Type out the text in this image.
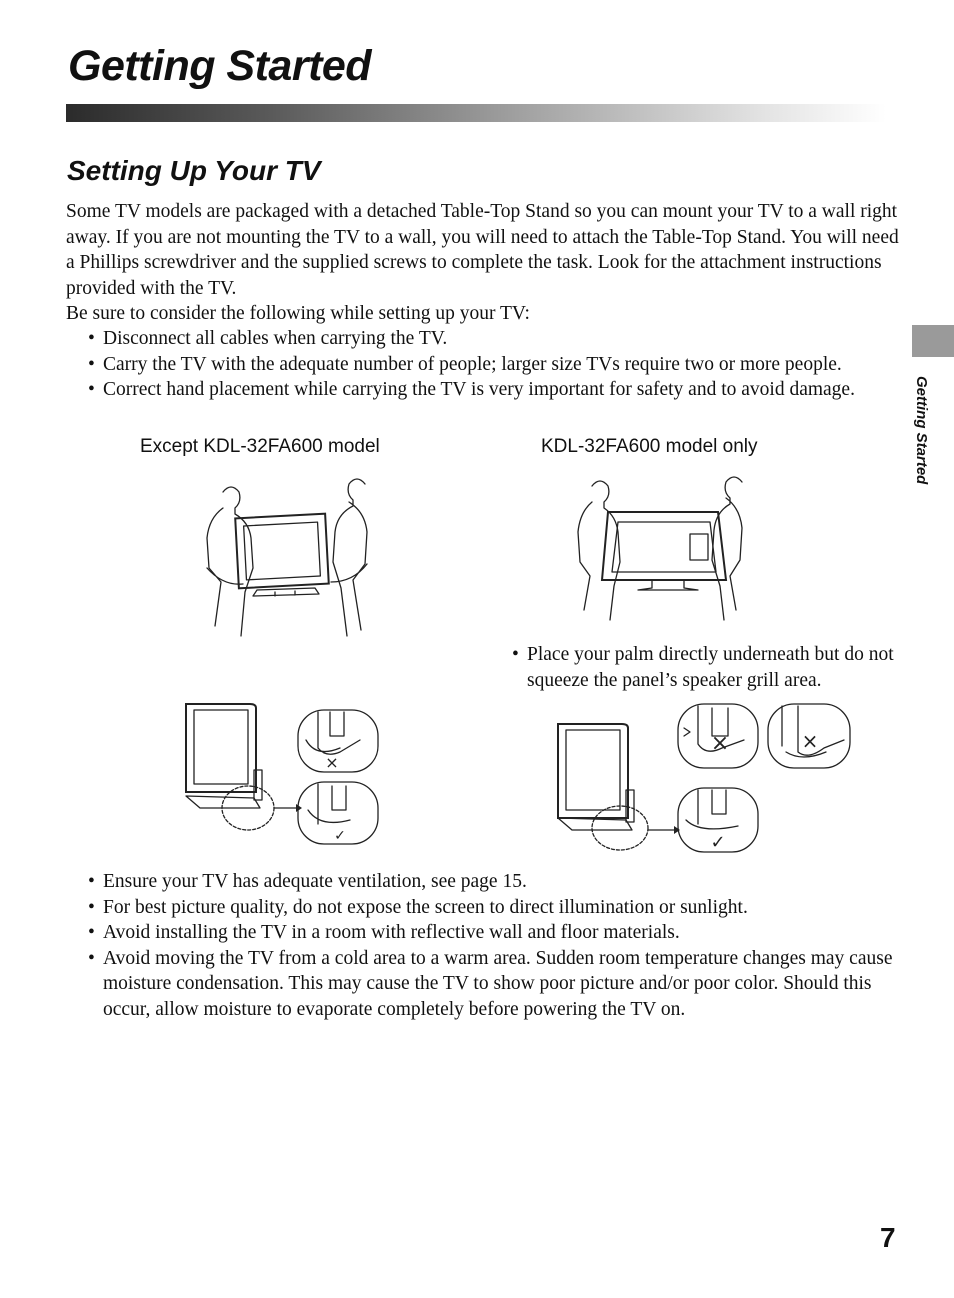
Getting Started
Setting Up Your TV
Some TV models are packaged with a detached Table-Top Stand so you can mount your TV to a wall right away. If you are not mounting the TV to a wall, you will need to attach the Table-Top Stand. You will need a Phillips screwdriver and the supplied screws to complete the task. Look for the attachment instructions provided with the TV.
Be sure to consider the following while setting up your TV:
• Disconnect all cables when carrying the TV.
• Carry the TV with the adequate number of people; larger size TVs require two or more people.
• Correct hand placement while carrying the TV is very important for safety and to avoid damage.
Except KDL-32FA600 model	KDL-32FA600 model only
• Place your palm directly underneath but do not squeeze the panel’s speaker grill area.
×
✓
×	×
✓
• Ensure your TV has adequate ventilation, see page 15.
• For best picture quality, do not expose the screen to direct illumination or sunlight.
• Avoid installing the TV in a room with reflective wall and floor materials.
• Avoid moving the TV from a cold area to a warm area. Sudden room temperature changes may cause moisture condensation. This may cause the TV to show poor picture and/or poor color. Should this occur, allow moisture to evaporate completely before powering the TV on.
Getting Started
7
